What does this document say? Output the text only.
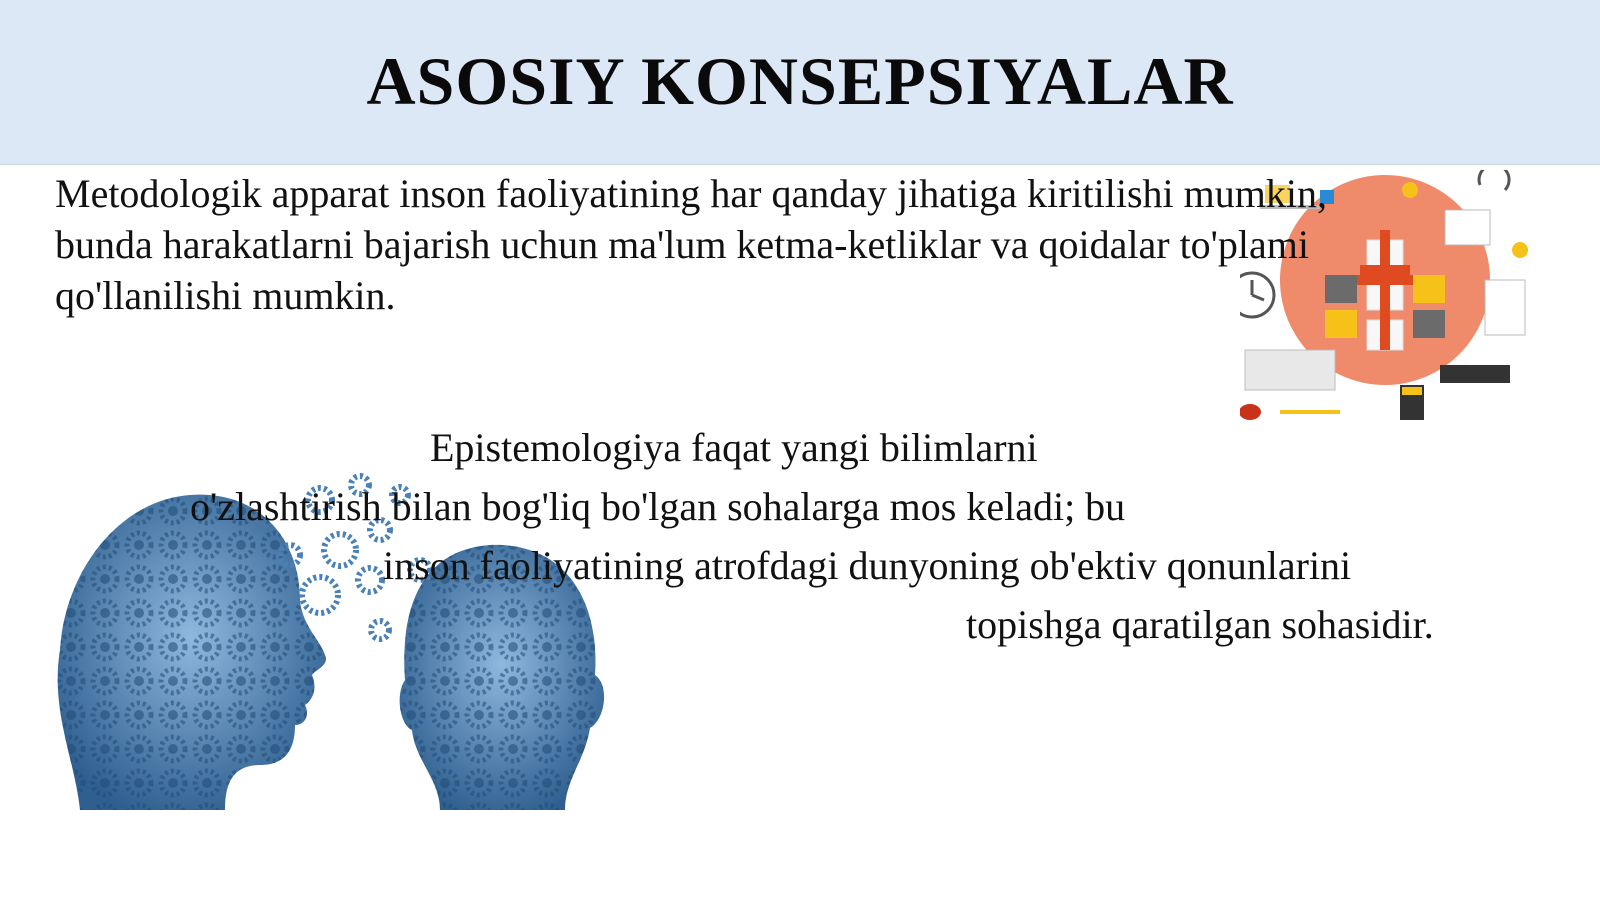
ASOSIY KONSEPSIYALAR

Metodologik apparat inson faoliyatining har qanday jihatiga kiritilishi mumkin, bunda harakatlarni bajarish uchun ma'lum ketma-ketliklar va qoidalar to'plami qo'llanilishi mumkin.

Epistemologiya faqat yangi bilimlarni
o'zlashtirish bilan bog'liq bo'lgan sohalarga mos keladi; bu
inson faoliyatining atrofdagi dunyoning ob'ektiv qonunlarini
topishga qaratilgan sohasidir.
